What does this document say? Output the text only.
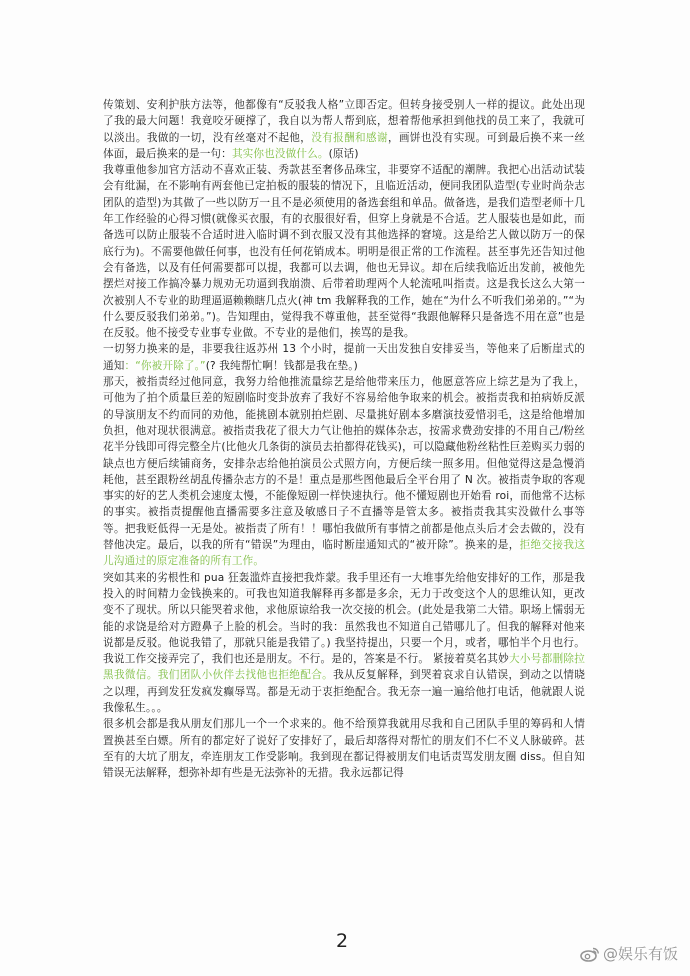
传策划、安利护肤方法等，他都像有“反驳我人格”立即否定。但转身接受别人一样的提议。此处出现了我的最大问题！我竟咬牙硬撑了，我自以为帮人帮到底，想着帮他承担到他找的员工来了，我就可以淡出。我做的一切，没有丝毫对不起他，没有报酬和感谢，画饼也没有实现。可到最后换不来一丝体面，最后换来的是一句：其实你也没做什么。(原话)

我尊重他参加官方活动不喜欢正装、秀款甚至奢侈品珠宝，非要穿不适配的潮牌。我把心出活动试装会有纰漏，在不影响有两套他已定拍板的服装的情况下，且临近活动，便同我团队造型(专业时尚杂志团队的造型)为其做了一些以防万一且不是必须使用的备选套组和单品。做备选，是我们造型老师十几年工作经验的心得习惯(就像买衣服，有的衣服很好看，但穿上身就是不合适。艺人服装也是如此，而备选可以防止服装不合适时进入临时调不到衣服又没有其他选择的窘境。这是给艺人做以防万一的保底行为)。不需要他做任何事，也没有任何花销成本。明明是很正常的工作流程。甚至事先还告知过他会有备选，以及有任何需要都可以提，我都可以去调，他也无异议。却在后续我临近出发前，被他先摆烂对接工作搞冷暴力规劝无功逼到我崩溃、后带着助理两个人轮流吼叫指责。这是我长这么大第一次被别人不专业的助理逼逼赖赖瞎几点火(神 tm 我解释我的工作，她在“为什么不听我们弟弟的。”“为什么要反驳我们弟弟。”)。告知理由，觉得我不尊重他，甚至觉得“我跟他解释只是备选不用在意”也是在反驳。他不接受专业事专业做。不专业的是他们，挨骂的是我。

一切努力换来的是，非要我往返苏州 13 个小时，提前一天出发独自安排妥当，等他来了后断崖式的通知：“你被开除了。”(? 我纯帮忙啊！钱都是我在垫。)

那天，被指责经过他同意，我努力给他推流量综艺是给他带来压力，他愿意答应上综艺是为了我上，可他为了拍个质量巨差的短剧临时变卦放弃了我好不容易给他争取来的机会。被指责我和拍病娇反派的导演朋友不约而同的劝他，能挑剧本就别拍烂剧、尽量挑好剧本多磨演技爱惜羽毛，这是给他增加负担，他对现状很满意。被指责我花了很大力气让他拍的媒体杂志，按需求费劲安排的不用自己/粉丝花半分钱即可得完整全片(比他火几条街的演员去拍都得花钱买)，可以隐藏他粉丝粘性巨差购买力弱的缺点也方便后续铺商务，安排杂志给他拍演员公式照方向，方便后续一照多用。但他觉得这是急慢消耗他，甚至跟粉丝胡乱传播杂志方的不是！重点是那些图他最后全平台用了 N 次。被指责争取的客观事实的好的艺人类机会速度太慢，不能像短剧一样快速执行。他不懂短剧也开始看 roi，而他常不达标的事实。被指责提醒他直播需要多注意及敏感日子不直播等是管太多。被指责我其实没做什么事等等。把我贬低得一无是处。被指责了所有！！哪怕我做所有事情之前都是他点头后才会去做的，没有替他决定。最后，以我的所有“错误”为理由，临时断崖通知式的“被开除”。换来的是，拒绝交接我这儿沟通过的原定准备的所有工作。

突如其来的劣根性和 pua 狂轰滥炸直接把我炸蒙。我手里还有一大堆事先给他安排好的工作，那是我投入的时间精力金钱换来的。可我也知道我解释再多都是多余，无力于改变这个人的思维认知，更改变不了现状。所以只能哭着求他，求他原谅给我一次交接的机会。(此处是我第二大错。职场上懦弱无能的求饶是给对方蹬鼻子上脸的机会。当时的我：虽然我也不知道自己错哪儿了。但我的解释对他来说都是反驳。他说我错了，那就只能是我错了。) 我坚持提出，只要一个月，或者，哪怕半个月也行。我说工作交接弄完了，我们也还是朋友。不行。是的，答案是不行。 紧接着莫名其妙大小号都删除拉黑我微信。我们团队小伙伴去找他也拒绝配合。我从反复解释，到哭着哀求自认错误，到动之以情晓之以理，再到发狂发疯发癫辱骂。都是无动于衷拒绝配合。我无奈一遍一遍给他打电话，他就跟人说我像私生。。。

很多机会都是我从朋友们那儿一个一个求来的。他不给预算我就用尽我和自己团队手里的筹码和人情置换甚至白嫖。所有的都定好了说好了安排好了，最后却落得对帮忙的朋友们不仁不义人脉破碎。甚至有的大坑了朋友，牵连朋友工作受影响。我到现在都记得被朋友们电话责骂发朋友圈 diss。但自知错误无法解释，想弥补却有些是无法弥补的无措。我永远都记得

2
@娱乐有饭
